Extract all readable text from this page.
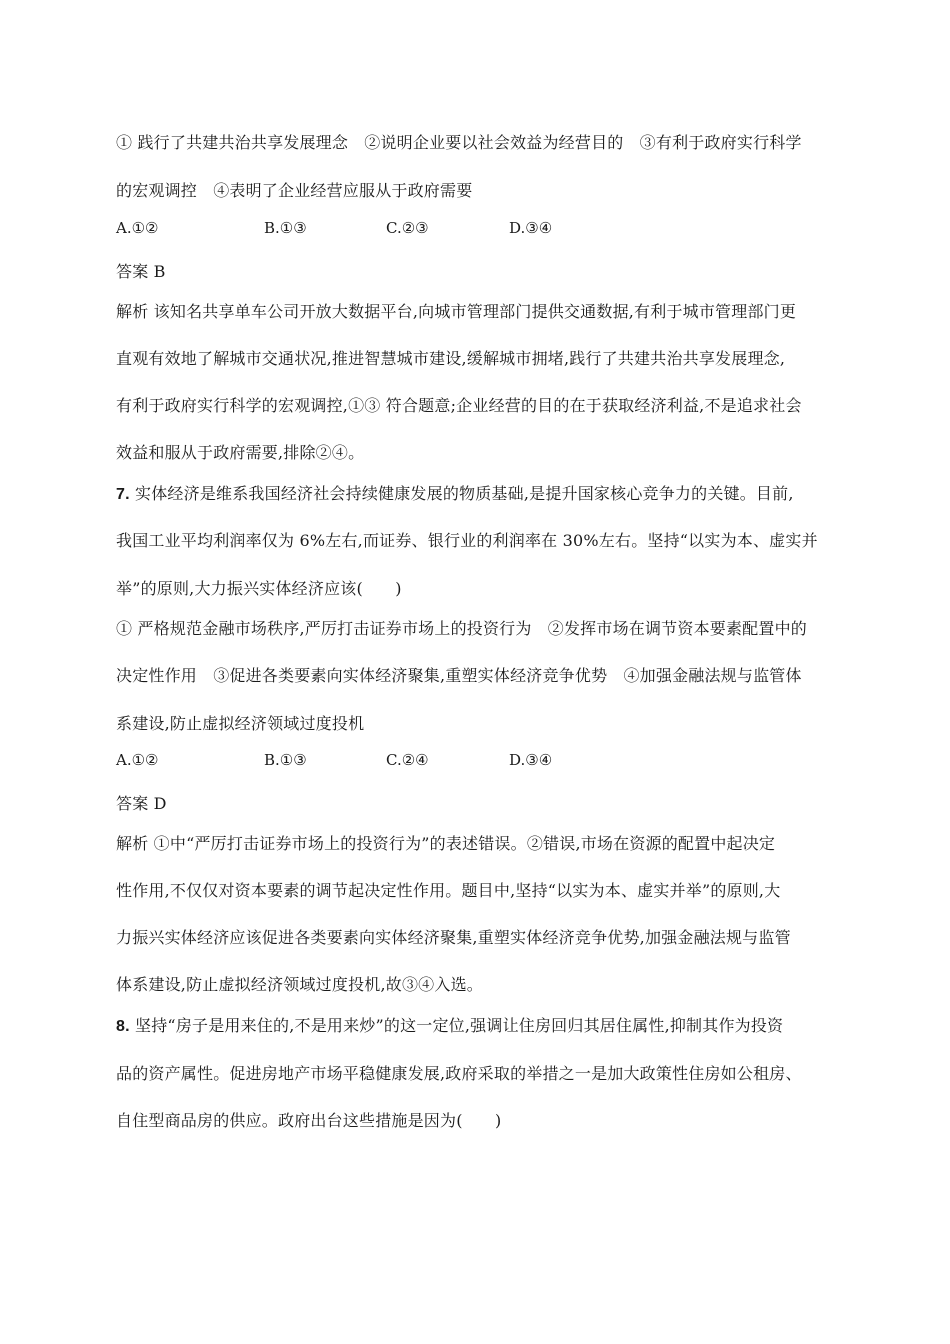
① 践行了共建共治共享发展理念　②说明企业要以社会效益为经营目的　③有利于政府实行科学
的宏观调控　④表明了企业经营应服从于政府需要
A.①②	B.①③	C.②③	D.③④
答案 B
解析 该知名共享单车公司开放大数据平台,向城市管理部门提供交通数据,有利于城市管理部门更
直观有效地了解城市交通状况,推进智慧城市建设,缓解城市拥堵,践行了共建共治共享发展理念,
有利于政府实行科学的宏观调控,①③ 符合题意;企业经营的目的在于获取经济利益,不是追求社会
效益和服从于政府需要,排除②④。
7. 实体经济是维系我国经济社会持续健康发展的物质基础,是提升国家核心竞争力的关键。目前,
我国工业平均利润率仅为 6%左右,而证券、银行业的利润率在 30%左右。坚持“以实为本、虚实并
举”的原则,大力振兴实体经济应该(　　)
① 严格规范金融市场秩序,严厉打击证券市场上的投资行为　②发挥市场在调节资本要素配置中的
决定性作用　③促进各类要素向实体经济聚集,重塑实体经济竞争优势　④加强金融法规与监管体
系建设,防止虚拟经济领域过度投机
A.①②	B.①③	C.②④	D.③④
答案 D
解析 ①中“严厉打击证券市场上的投资行为”的表述错误。②错误,市场在资源的配置中起决定
性作用,不仅仅对资本要素的调节起决定性作用。题目中,坚持“以实为本、虚实并举”的原则,大
力振兴实体经济应该促进各类要素向实体经济聚集,重塑实体经济竞争优势,加强金融法规与监管
体系建设,防止虚拟经济领域过度投机,故③④入选。
8. 坚持“房子是用来住的,不是用来炒”的这一定位,强调让住房回归其居住属性,抑制其作为投资
品的资产属性。促进房地产市场平稳健康发展,政府采取的举措之一是加大政策性住房如公租房、
自住型商品房的供应。政府出台这些措施是因为(　　)
